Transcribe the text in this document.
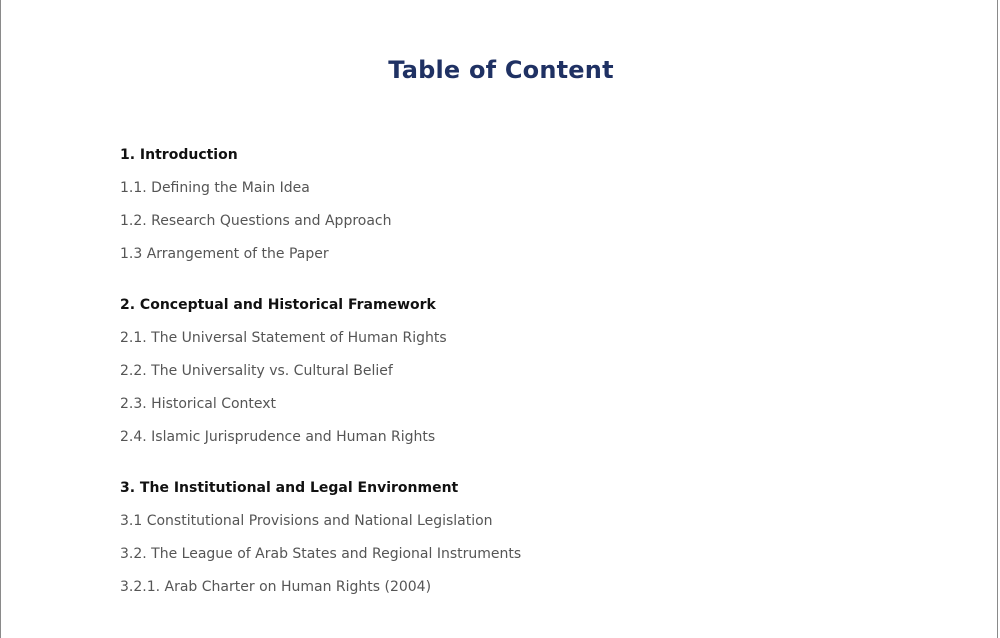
Table of Content
1. Introduction
1.1. Defining the Main Idea
1.2. Research Questions and Approach
1.3 Arrangement of the Paper
2. Conceptual and Historical Framework
2.1. The Universal Statement of Human Rights
2.2. The Universality vs. Cultural Belief
2.3. Historical Context
2.4. Islamic Jurisprudence and Human Rights
3. The Institutional and Legal Environment
3.1 Constitutional Provisions and National Legislation
3.2. The League of Arab States and Regional Instruments
3.2.1. Arab Charter on Human Rights (2004)
